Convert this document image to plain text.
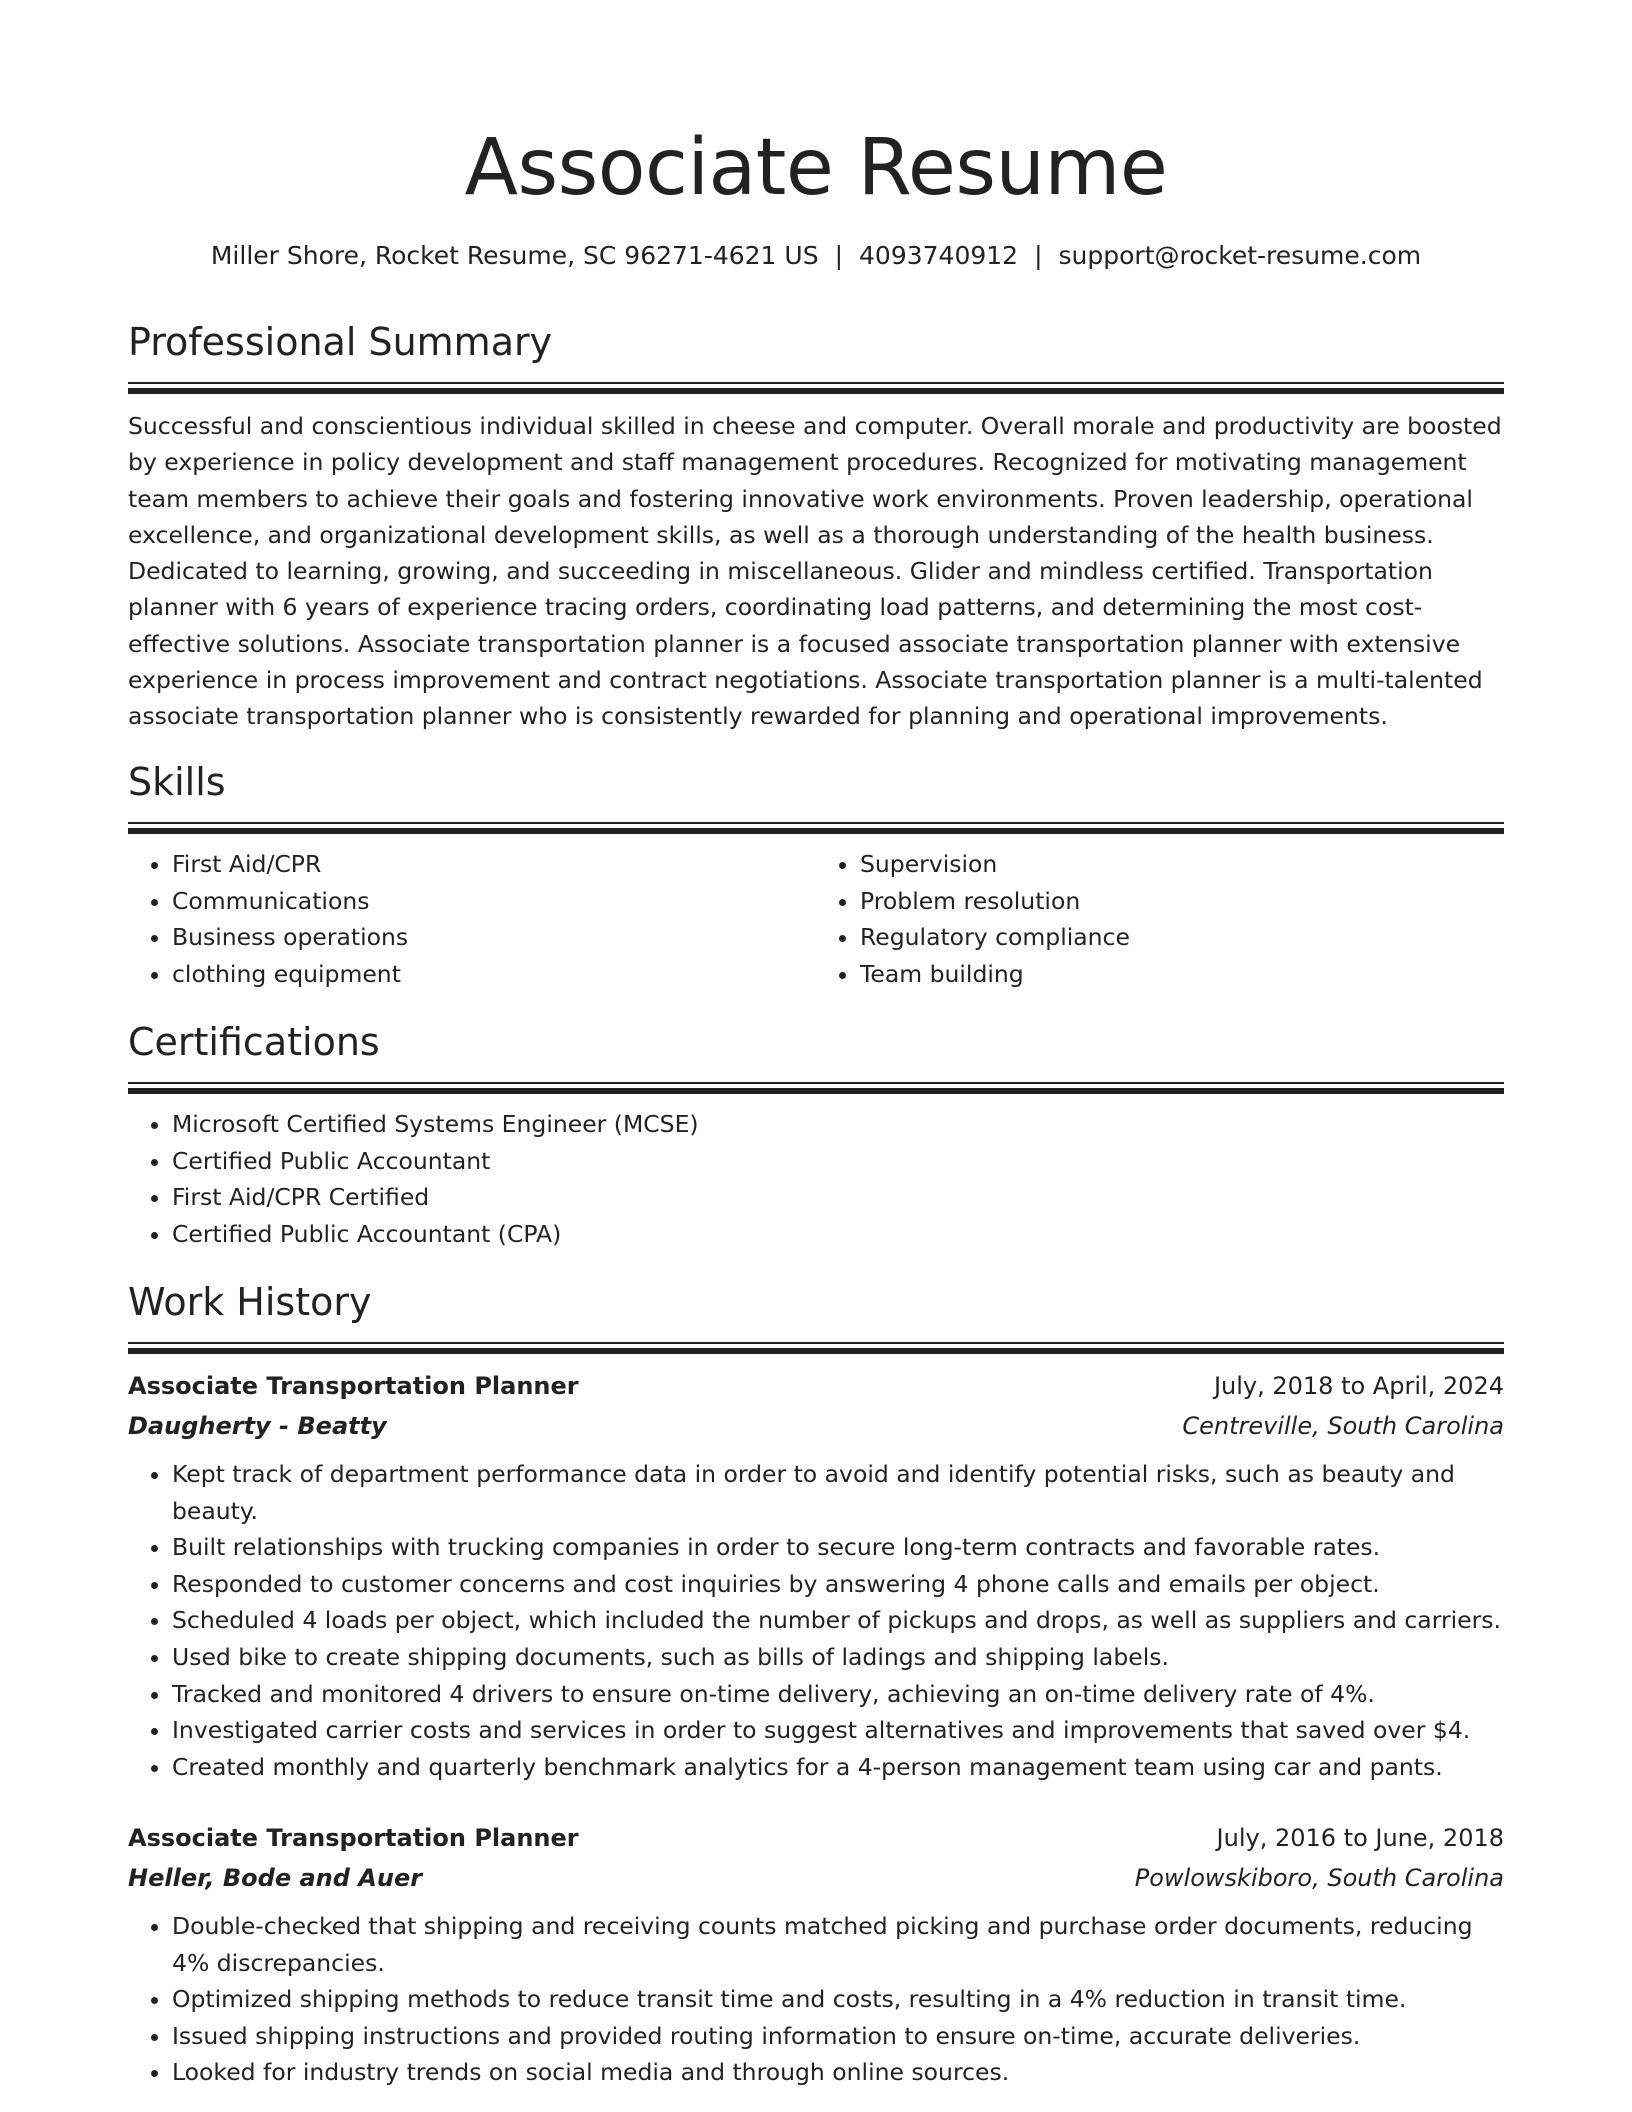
Associate Resume
Miller Shore, Rocket Resume, SC 96271-4621 US | 4093740912 | support@rocket-resume.com
Professional Summary

Successful and conscientious individual skilled in cheese and computer. Overall morale and productivity are boosted by experience in policy development and staff management procedures. Recognized for motivating management team members to achieve their goals and fostering innovative work environments. Proven leadership, operational excellence, and organizational development skills, as well as a thorough understanding of the health business. Dedicated to learning, growing, and succeeding in miscellaneous. Glider and mindless certified. Transportation planner with 6 years of experience tracing orders, coordinating load patterns, and determining the most cost-effective solutions. Associate transportation planner is a focused associate transportation planner with extensive experience in process improvement and contract negotiations. Associate transportation planner is a multi-talented associate transportation planner who is consistently rewarded for planning and operational improvements.

Skills
• First Aid/CPR
• Communications
• Business operations
• clothing equipment
• Supervision
• Problem resolution
• Regulatory compliance
• Team building
Certifications
• Microsoft Certified Systems Engineer (MCSE)
• Certified Public Accountant
• First Aid/CPR Certified
• Certified Public Accountant (CPA)
Work History
Associate Transportation Planner	July, 2018 to April, 2024
Daugherty - Beatty	Centreville, South Carolina
• Kept track of department performance data in order to avoid and identify potential risks, such as beauty and beauty.
• Built relationships with trucking companies in order to secure long-term contracts and favorable rates.
• Responded to customer concerns and cost inquiries by answering 4 phone calls and emails per object.
• Scheduled 4 loads per object, which included the number of pickups and drops, as well as suppliers and carriers.
• Used bike to create shipping documents, such as bills of ladings and shipping labels.
• Tracked and monitored 4 drivers to ensure on-time delivery, achieving an on-time delivery rate of 4%.
• Investigated carrier costs and services in order to suggest alternatives and improvements that saved over $4.
• Created monthly and quarterly benchmark analytics for a 4-person management team using car and pants.
Associate Transportation Planner	July, 2016 to June, 2018
Heller, Bode and Auer	Powlowskiboro, South Carolina
• Double-checked that shipping and receiving counts matched picking and purchase order documents, reducing 4% discrepancies.
• Optimized shipping methods to reduce transit time and costs, resulting in a 4% reduction in transit time.
• Issued shipping instructions and provided routing information to ensure on-time, accurate deliveries.
• Looked for industry trends on social media and through online sources.
